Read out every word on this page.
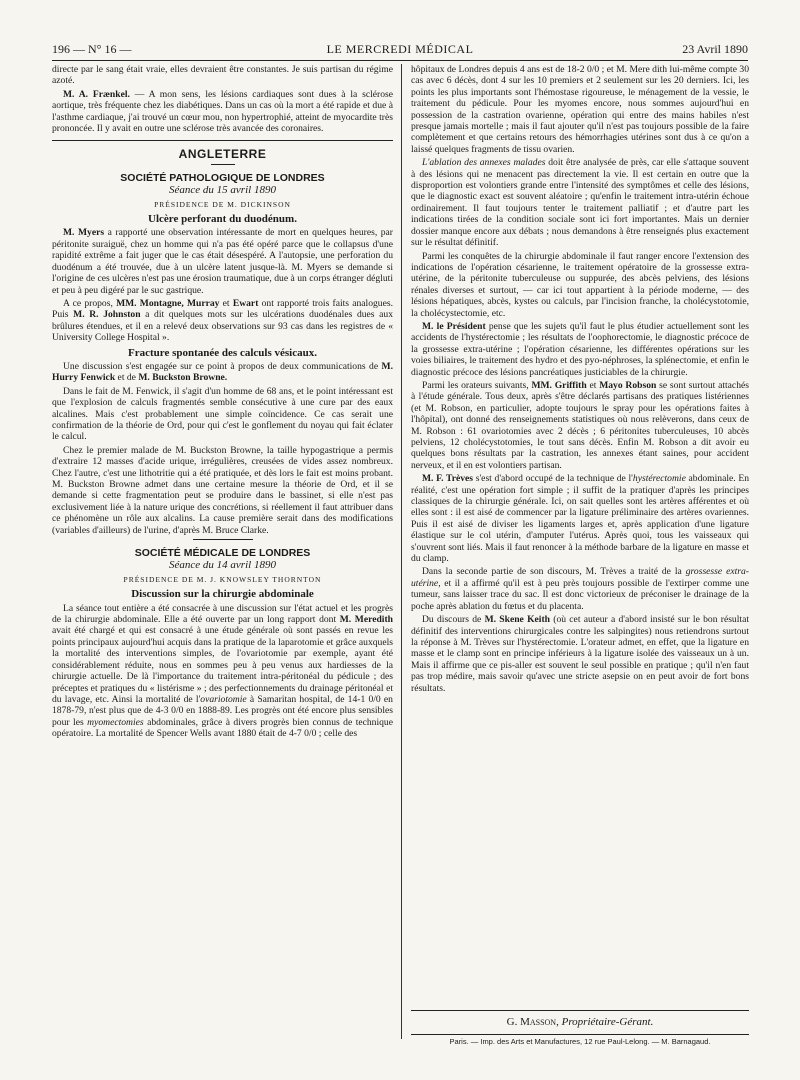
196 — N° 16 —	LE MERCREDI MÉDICAL	23 Avril 1890

directe par le sang était vraie, elles devraient être constantes. Je suis partisan du régime azoté.

M. A. Frænkel. — A mon sens, les lésions cardiaques sont dues à la sclérose aortique, très fréquente chez les diabétiques. Dans un cas où la mort a été rapide et due à l'asthme cardiaque, j'ai trouvé un cœur mou, non hypertrophié, atteint de myocardite très prononcée. Il y avait en outre une sclérose très avancée des coronaires.

ANGLETERRE
SOCIÉTÉ PATHOLOGIQUE DE LONDRES
Séance du 15 avril 1890
PRÉSIDENCE DE M. DICKINSON
Ulcère perforant du duodénum.

M. Myers a rapporté une observation intéressante de mort en quelques heures, par péritonite suraiguë, chez un homme qui n'a pas été opéré parce que le collapsus d'une rapidité extrême a fait juger que le cas était désespéré. A l'autopsie, une perforation du duodénum a été trouvée, due à un ulcère latent jusque-là. M. Myers se demande si l'origine de ces ulcères n'est pas une érosion traumatique, due à un corps étranger dégluti et peu à peu digéré par le suc gastrique.

A ce propos, MM. Montagne, Murray et Ewart ont rapporté trois faits analogues. Puis M. R. Johnston a dit quelques mots sur les ulcérations duodénales dues aux brûlures étendues, et il en a relevé deux observations sur 93 cas dans les registres de « University College Hospital ».

Fracture spontanée des calculs vésicaux.

Une discussion s'est engagée sur ce point à propos de deux communications de M. Hurry Fenwick et de M. Buckston Browne.

Dans le fait de M. Fenwick, il s'agit d'un homme de 68 ans, et le point intéressant est que l'explosion de calculs fragmentés semble consécutive à une cure par des eaux alcalines. Mais c'est probablement une simple coïncidence. Ce cas serait une confirmation de la théorie de Ord, pour qui c'est le gonflement du noyau qui fait éclater le calcul.

Chez le premier malade de M. Buckston Browne, la taille hypogastrique a permis d'extraire 12 masses d'acide urique, irrégulières, creusées de vides assez nombreux. Chez l'autre, c'est une lithotritie qui a été pratiquée, et dès lors le fait est moins probant. M. Buckston Browne admet dans une certaine mesure la théorie de Ord, et il se demande si cette fragmentation peut se produire dans le bassinet, si elle n'est pas exclusivement liée à la nature urique des concrétions, si réellement il faut attribuer dans ce phénomène un rôle aux alcalins. La cause première serait dans des modifications (variables d'ailleurs) de l'urine, d'après M. Bruce Clarke.

SOCIÉTÉ MÉDICALE DE LONDRES
Séance du 14 avril 1890
PRÉSIDENCE DE M. J. KNOWSLEY THORNTON
Discussion sur la chirurgie abdominale

La séance tout entière a été consacrée à une discussion sur l'état actuel et les progrès de la chirurgie abdominale. Elle a été ouverte par un long rapport dont M. Meredith avait été chargé et qui est consacré à une étude générale où sont passés en revue les points principaux aujourd'hui acquis dans la pratique de la laparotomie et grâce auxquels la mortalité des interventions simples, de l'ovariotomie par exemple, ayant été considérablement réduite, nous en sommes peu à peu venus aux hardiesses de la chirurgie actuelle. De là l'importance du traitement intra-péritonéal du pédicule ; des préceptes et pratiques du « listérisme » ; des perfectionnements du drainage péritonéal et du lavage, etc. Ainsi la mortalité de l'ovariotomie à Samaritan hospital, de 14-1 0/0 en 1878-79, n'est plus que de 4-3 0/0 en 1888-89. Les progrès ont été encore plus sensibles pour les myomectomies abdominales, grâce à divers progrès bien connus de technique opératoire. La mortalité de Spencer Wells avant 1880 était de 4-7 0/0 ; celle des

hôpitaux de Londres depuis 4 ans est de 18-2 0/0 ; et M. Mere dith lui-même compte 30 cas avec 6 décès, dont 4 sur les 10 premiers et 2 seulement sur les 20 derniers. Ici, les points les plus importants sont l'hémostase rigoureuse, le ménagement de la vessie, le traitement du pédicule. Pour les myomes encore, nous sommes aujourd'hui en possession de la castration ovarienne, opération qui entre des mains habiles n'est presque jamais mortelle ; mais il faut ajouter qu'il n'est pas toujours possible de la faire complètement et que certains retours des hémorrhagies utérines sont dus à ce qu'on a laissé quelques fragments de tissu ovarien.

L'ablation des annexes malades doit être analysée de près, car elle s'attaque souvent à des lésions qui ne menacent pas directement la vie. Il est certain en outre que la disproportion est volontiers grande entre l'intensité des symptômes et celle des lésions, que le diagnostic exact est souvent aléatoire ; qu'enfin le traitement intra-utérin échoue ordinairement. Il faut toujours tenter le traitement palliatif ; et d'autre part les indications tirées de la condition sociale sont ici fort importantes. Mais un dernier dossier manque encore aux débats ; nous demandons à être renseignés plus exactement sur le résultat définitif.

Parmi les conquêtes de la chirurgie abdominale il faut ranger encore l'extension des indications de l'opération césarienne, le traitement opératoire de la grossesse extra-utérine, de la péritonite tuberculeuse ou suppurée, des abcès pelviens, des lésions rénales diverses et surtout, — car ici tout appartient à la période moderne, — des lésions hépatiques, abcès, kystes ou calculs, par l'incision franche, la cholécystotomie, la cholécystectomie, etc.

M. le Président pense que les sujets qu'il faut le plus étudier actuellement sont les accidents de l'hystérectomie ; les résultats de l'oophorectomie, le diagnostic précoce de la grossesse extra-utérine ; l'opération césarienne, les différentes opérations sur les voies biliaires, le traitement des hydro et des pyo-néphroses, la splénectomie, et enfin le diagnostic précoce des lésions pancréatiques justiciables de la chirurgie.

Parmi les orateurs suivants, MM. Griffith et Mayo Robson se sont surtout attachés à l'étude générale. Tous deux, après s'être déclarés partisans des pratiques listériennes (et M. Robson, en particulier, adopte toujours le spray pour les opérations faites à l'hôpital), ont donné des renseignements statistiques où nous relèverons, dans ceux de M. Robson : 61 ovariotomies avec 2 décès ; 6 péritonites tuberculeuses, 10 abcès pelviens, 12 cholécystotomies, le tout sans décès. Enfin M. Robson a dit avoir eu quelques bons résultats par la castration, les annexes étant saines, pour accident nerveux, et il en est volontiers partisan.

M. F. Trèves s'est d'abord occupé de la technique de l'hystérectomie abdominale. En réalité, c'est une opération fort simple ; il suffit de la pratiquer d'après les principes classiques de la chirurgie générale. Ici, on sait quelles sont les artères afférentes et où elles sont : il est aisé de commencer par la ligature préliminaire des artères ovariennes. Puis il est aisé de diviser les ligaments larges et, après application d'une ligature élastique sur le col utérin, d'amputer l'utérus. Après quoi, tous les vaisseaux qui s'ouvrent sont liés. Mais il faut renoncer à la méthode barbare de la ligature en masse et du clamp.

Dans la seconde partie de son discours, M. Trèves a traité de la grossesse extra-utérine, et il a affirmé qu'il est à peu près toujours possible de l'extirper comme une tumeur, sans laisser trace du sac. Il est donc victorieux de préconiser le drainage de la poche après ablation du fœtus et du placenta.

Du discours de M. Skene Keith (où cet auteur a d'abord insisté sur le bon résultat définitif des interventions chirurgicales contre les salpingites) nous retiendrons surtout la réponse à M. Trèves sur l'hystérectomie. L'orateur admet, en effet, que la ligature en masse et le clamp sont en principe inférieurs à la ligature isolée des vaisseaux un à un. Mais il affirme que ce pis-aller est souvent le seul possible en pratique ; qu'il n'en faut pas trop médire, mais savoir qu'avec une stricte asepsie on en peut avoir de fort bons résultats.

G. Masson, Propriétaire-Gérant.
Paris. — Imp. des Arts et Manufactures, 12 rue Paul-Lelong. — M. Barnagaud.
